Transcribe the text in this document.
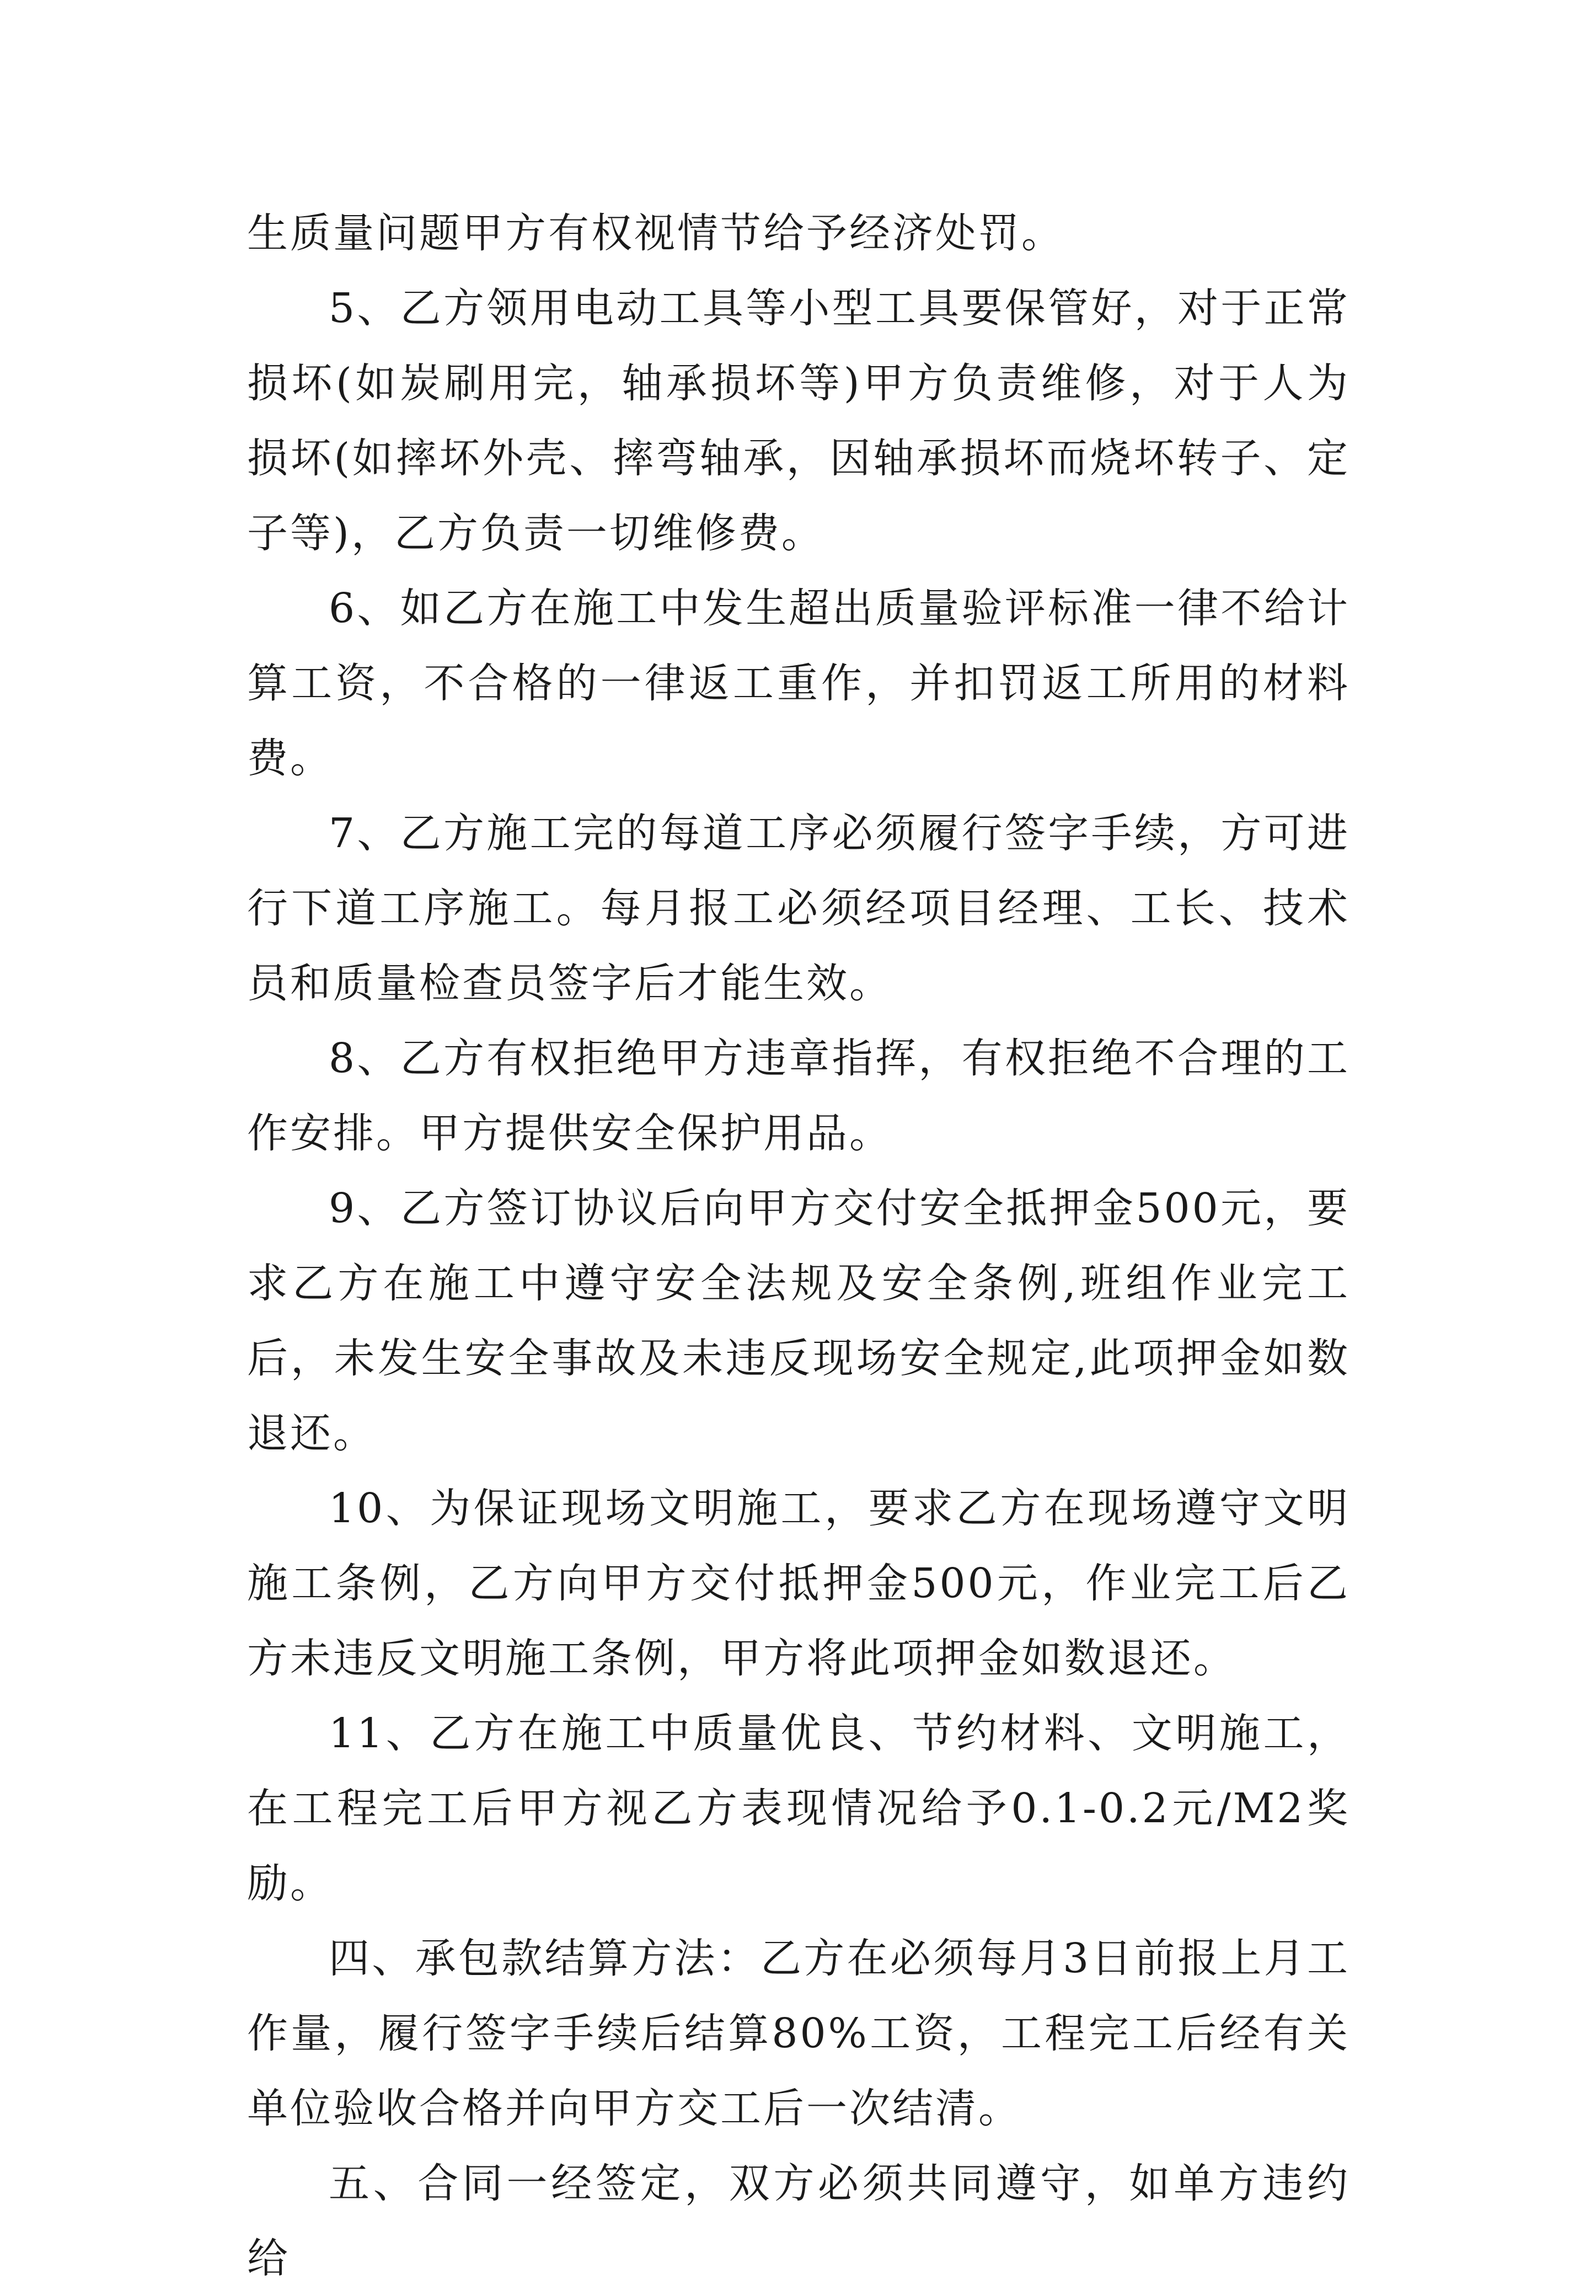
生质量问题甲方有权视情节给予经济处罚。

5、乙方领用电动工具等小型工具要保管好，对于正常损坏(如炭刷用完，轴承损坏等)甲方负责维修，对于人为损坏(如摔坏外壳、摔弯轴承，因轴承损坏而烧坏转子、定子等)，乙方负责一切维修费。

6、如乙方在施工中发生超出质量验评标准一律不给计算工资，不合格的一律返工重作，并扣罚返工所用的材料费。

7、乙方施工完的每道工序必须履行签字手续，方可进行下道工序施工。每月报工必须经项目经理、工长、技术员和质量检查员签字后才能生效。

8、乙方有权拒绝甲方违章指挥，有权拒绝不合理的工作安排。甲方提供安全保护用品。

9、乙方签订协议后向甲方交付安全抵押金500元，要求乙方在施工中遵守安全法规及安全条例,班组作业完工后，未发生安全事故及未违反现场安全规定,此项押金如数退还。

10、为保证现场文明施工，要求乙方在现场遵守文明施工条例，乙方向甲方交付抵押金500元，作业完工后乙方未违反文明施工条例，甲方将此项押金如数退还。

11、乙方在施工中质量优良、节约材料、文明施工，在工程完工后甲方视乙方表现情况给予0.1-0.2元/M2奖励。

四、承包款结算方法：乙方在必须每月3日前报上月工作量，履行签字手续后结算80%工资，工程完工后经有关单位验收合格并向甲方交工后一次结清。

五、合同一经签定，双方必须共同遵守，如单方违约给
